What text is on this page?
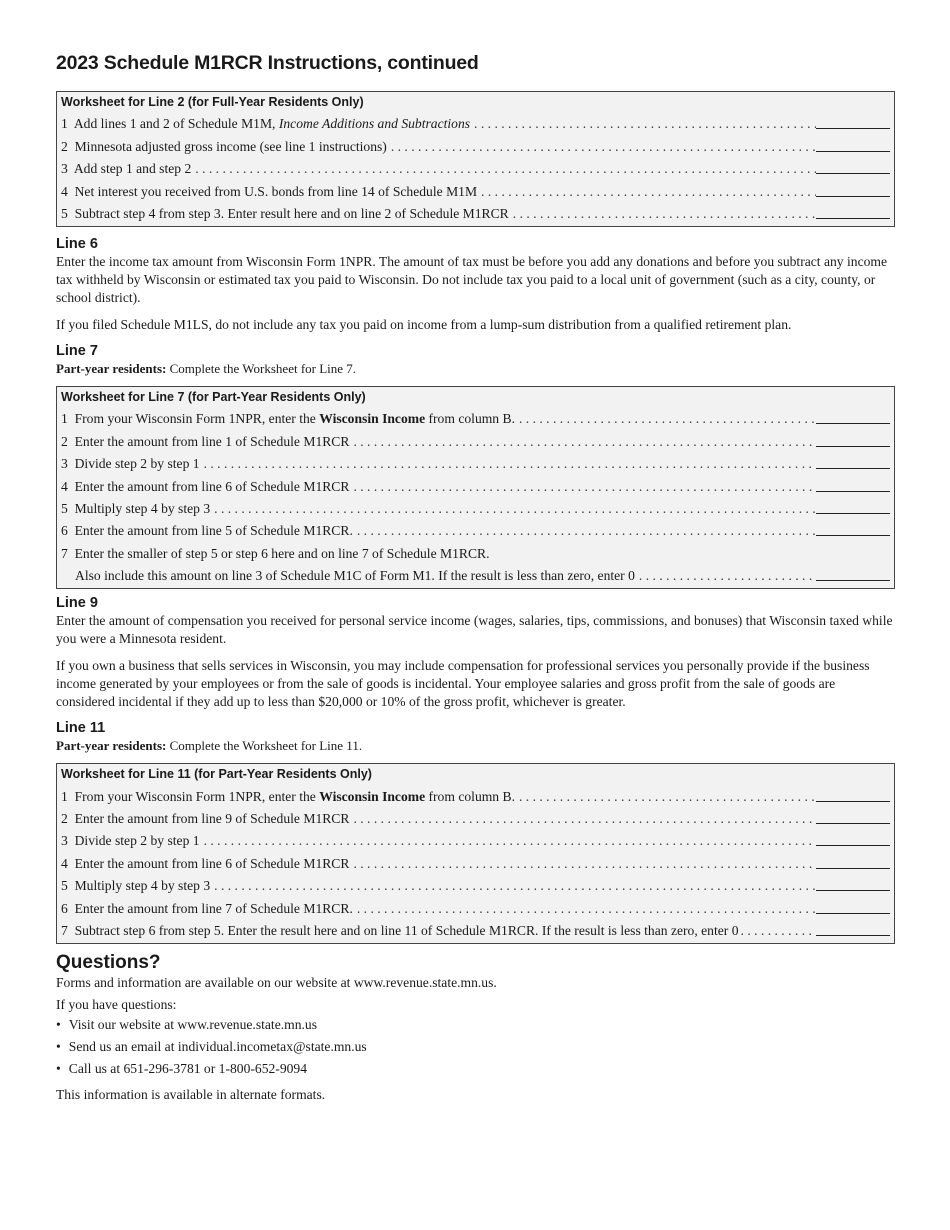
2023 Schedule M1RCR Instructions, continued
Worksheet for Line 2 (for Full-Year Residents Only)
1 Add lines 1 and 2 of Schedule M1M, Income Additions and Subtractions
. . .
2 Minnesota adjusted gross income (see line 1 instructions)
. . .
3 Add step 1 and step 2
. . .
4 Net interest you received from U.S. bonds from line 14 of Schedule M1M
. . .
5 Subtract step 4 from step 3. Enter result here and on line 2 of Schedule M1RCR
. . .
Line 6

Enter the income tax amount from Wisconsin Form 1NPR. The amount of tax must be before you add any donations and before you subtract any income tax withheld by Wisconsin or estimated tax you paid to Wisconsin. Do not include tax you paid to a local unit of government (such as a city, county, or school district).

If you filed Schedule M1LS, do not include any tax you paid on income from a lump-sum distribution from a qualified retirement plan.

Line 7

Part-year residents: Complete the Worksheet for Line 7.

Worksheet for Line 7 (for Part-Year Residents Only)
1 From your Wisconsin Form 1NPR, enter the Wisconsin Income from column B.
. . .
2 Enter the amount from line 1 of Schedule M1RCR
. . .
3 Divide step 2 by step 1
. . .
4 Enter the amount from line 6 of Schedule M1RCR
. . .
5 Multiply step 4 by step 3
. . .
6 Enter the amount from line 5 of Schedule M1RCR.
. . .
7  Enter the smaller of step 5 or step 6 here and on line 7 of Schedule M1RCR.
Also include this amount on line 3 of Schedule M1C of Form M1. If the result is less than zero, enter 0
. . .
Line 9

Enter the amount of compensation you received for personal service income (wages, salaries, tips, commissions, and bonuses) that Wisconsin taxed while you were a Minnesota resident.

If you own a business that sells services in Wisconsin, you may include compensation for professional services you personally provide if the business income generated by your employees or from the sale of goods is incidental. Your employee salaries and gross profit from the sale of goods are considered incidental if they add up to less than $20,000 or 10% of the gross profit, whichever is greater.

Line 11

Part-year residents: Complete the Worksheet for Line 11.

Worksheet for Line 11 (for Part-Year Residents Only)
1 From your Wisconsin Form 1NPR, enter the Wisconsin Income from column B.
. . .
2 Enter the amount from line 9 of Schedule M1RCR
. . .
3 Divide step 2 by step 1
. . .
4 Enter the amount from line 6 of Schedule M1RCR
. . .
5 Multiply step 4 by step 3
. . .
6 Enter the amount from line 7 of Schedule M1RCR.
. . .
7 Subtract step 6 from step 5. Enter the result here and on line 11 of Schedule M1RCR. If the result is less than zero, enter 0
. . .
Questions?

Forms and information are available on our website at www.revenue.state.mn.us.

If you have questions:

• Visit our website at www.revenue.state.mn.us
• Send us an email at individual.incometax@state.mn.us
• Call us at 651-296-3781 or 1-800-652-9094

This information is available in alternate formats.
